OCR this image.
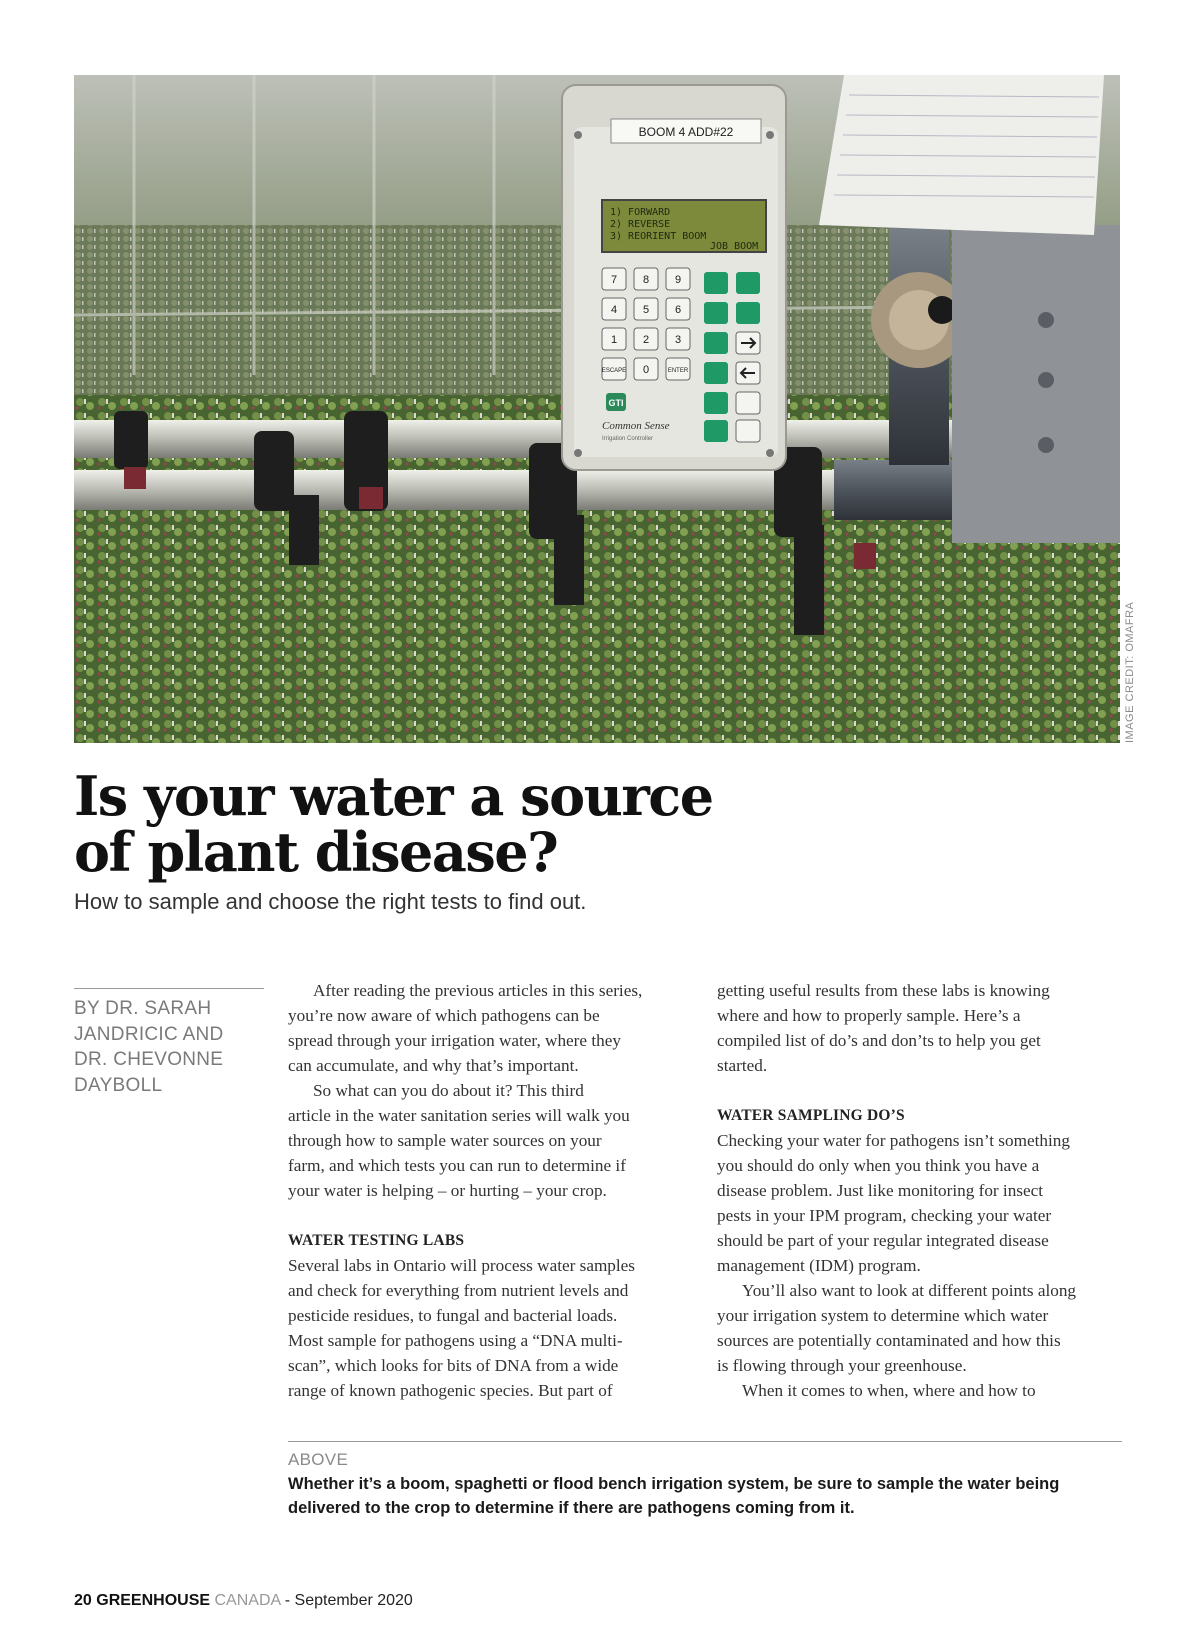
BOOM 4 ADD#22
1) FORWARD
2) REVERSE
3) REORIENT BOOM
JOB BOOM
7 8 9
4 5 6
1 2 3
ESCAPE 0	ENTER
GTI
Common Sense
Irrigation Controller
IMAGE CREDIT: OMAFRA
Is your water a source
of plant disease?

How to sample and choose the right tests to find out.

BY DR. SARAH
JANDRICIC AND
DR. CHEVONNE
DAYBOLL
After reading the previous articles in this series,
you’re now aware of which pathogens can be
spread through your irrigation water, where they
can accumulate, and why that’s important.
So what can you do about it? This third
article in the water sanitation series will walk you
through how to sample water sources on your
farm, and which tests you can run to determine if
your water is helping – or hurting – your crop.
WATER TESTING LABS
Several labs in Ontario will process water samples
and check for everything from nutrient levels and
pesticide residues, to fungal and bacterial loads.
Most sample for pathogens using a “DNA multi-
scan”, which looks for bits of DNA from a wide
range of known pathogenic species. But part of
getting useful results from these labs is knowing
where and how to properly sample. Here’s a
compiled list of do’s and don’ts to help you get
started.
WATER SAMPLING DO’S
Checking your water for pathogens isn’t something
you should do only when you think you have a
disease problem. Just like monitoring for insect
pests in your IPM program, checking your water
should be part of your regular integrated disease
management (IDM) program.
You’ll also want to look at different points along
your irrigation system to determine which water
sources are potentially contaminated and how this
is flowing through your greenhouse.
When it comes to when, where and how to
ABOVE
Whether it’s a boom, spaghetti or flood bench irrigation system, be sure to sample the water being
delivered to the crop to determine if there are pathogens coming from it.
20 GREENHOUSE CANADA - September 2020
